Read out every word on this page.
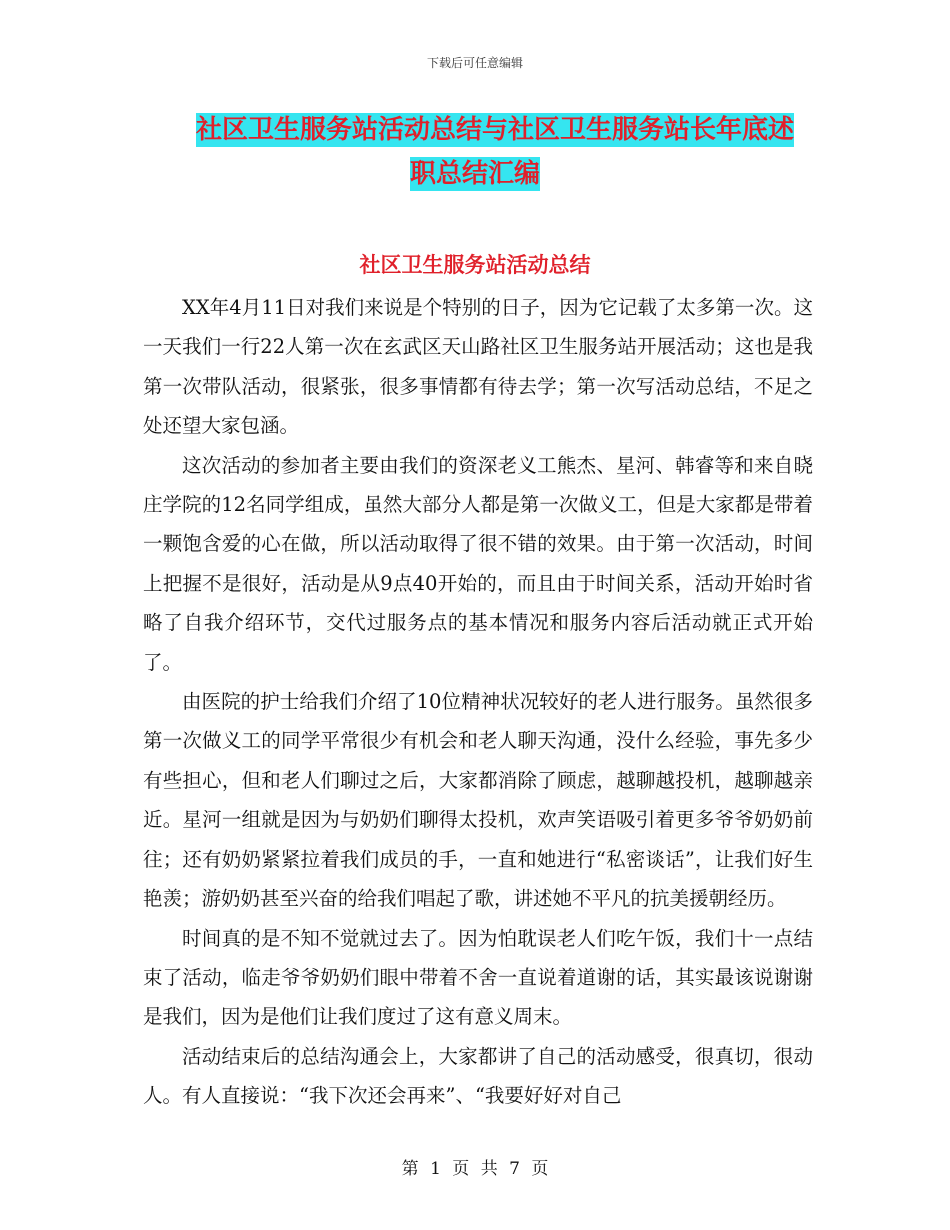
下载后可任意编辑
社区卫生服务站活动总结与社区卫生服务站长年底述
职总结汇编
社区卫生服务站活动总结

XX年4月11日对我们来说是个特别的日子，因为它记载了太多第一次。这一天我们一行22人第一次在玄武区天山路社区卫生服务站开展活动；这也是我第一次带队活动，很紧张，很多事情都有待去学；第一次写活动总结，不足之处还望大家包涵。

这次活动的参加者主要由我们的资深老义工熊杰、星河、韩睿等和来自晓庄学院的12名同学组成，虽然大部分人都是第一次做义工，但是大家都是带着一颗饱含爱的心在做，所以活动取得了很不错的效果。由于第一次活动，时间上把握不是很好，活动是从9点40开始的，而且由于时间关系，活动开始时省略了自我介绍环节，交代过服务点的基本情况和服务内容后活动就正式开始了。

由医院的护士给我们介绍了10位精神状况较好的老人进行服务。虽然很多第一次做义工的同学平常很少有机会和老人聊天沟通，没什么经验，事先多少有些担心，但和老人们聊过之后，大家都消除了顾虑，越聊越投机，越聊越亲近。星河一组就是因为与奶奶们聊得太投机，欢声笑语吸引着更多爷爷奶奶前往；还有奶奶紧紧拉着我们成员的手，一直和她进行“私密谈话”，让我们好生艳羡；游奶奶甚至兴奋的给我们唱起了歌，讲述她不平凡的抗美援朝经历。

时间真的是不知不觉就过去了。因为怕耽误老人们吃午饭，我们十一点结束了活动，临走爷爷奶奶们眼中带着不舍一直说着道谢的话，其实最该说谢谢是我们，因为是他们让我们度过了这有意义周末。

活动结束后的总结沟通会上，大家都讲了自己的活动感受，很真切，很动人。有人直接说：“我下次还会再来”、“我要好好对自己

第 1 页 共 7 页
